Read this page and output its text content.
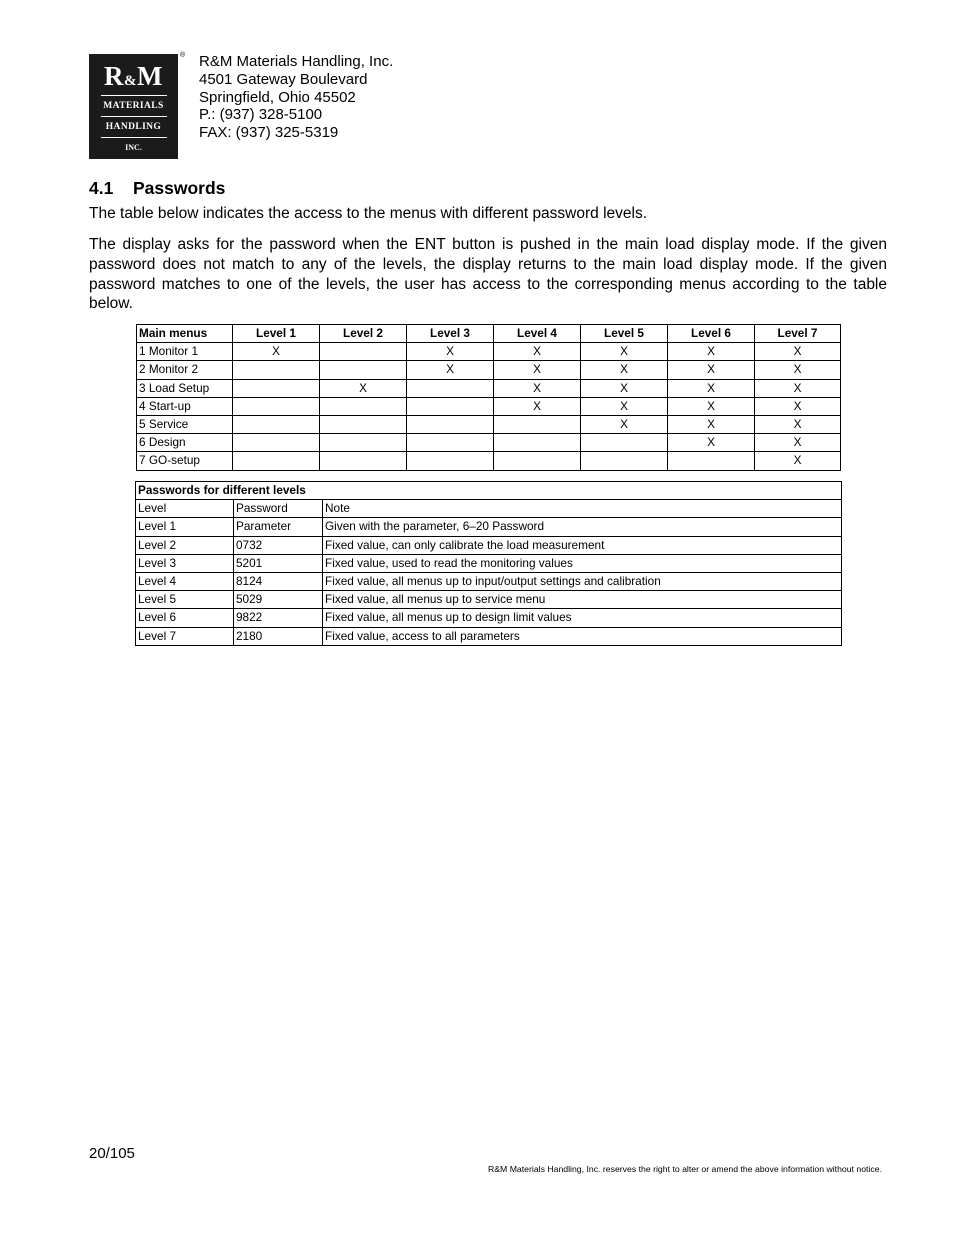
R&M
MATERIALS
HANDLING
INC.
® R&M Materials Handling, Inc.
4501 Gateway Boulevard
Springfield, Ohio 45502
P.: (937) 328-5100
FAX: (937) 325-5319
4.1 Passwords
The table below indicates the access to the menus with different password levels.
The display asks for the password when the ENT button is pushed in the main load display mode. If the given password does not match to any of the levels, the display returns to the main load display mode. If the given password matches to one of the levels, the user has access to the corresponding menus according to the table below.
Main menus	Level 1	Level 2	Level 3	Level 4	Level 5	Level 6	Level 7
1 Monitor 1	X		X	X	X	X	X
2 Monitor 2			X	X	X	X	X
3 Load Setup		X		X	X	X	X
4 Start-up				X	X	X	X
5 Service					X	X	X
6 Design						X	X
7 GO-setup							X
Passwords for different levels		
Level	Password	Note
Level 1	Parameter	Given with the parameter, 6–20 Password
Level 2	0732	Fixed value, can only calibrate the load measurement
Level 3	5201	Fixed value, used to read the monitoring values
Level 4	8124	Fixed value, all menus up to input/output settings and calibration
Level 5	5029	Fixed value, all menus up to service menu
Level 6	9822	Fixed value, all menus up to design limit values
Level 7	2180	Fixed value, access to all parameters
20/105
R&M Materials Handling, Inc. reserves the right to alter or amend the above information without notice.
